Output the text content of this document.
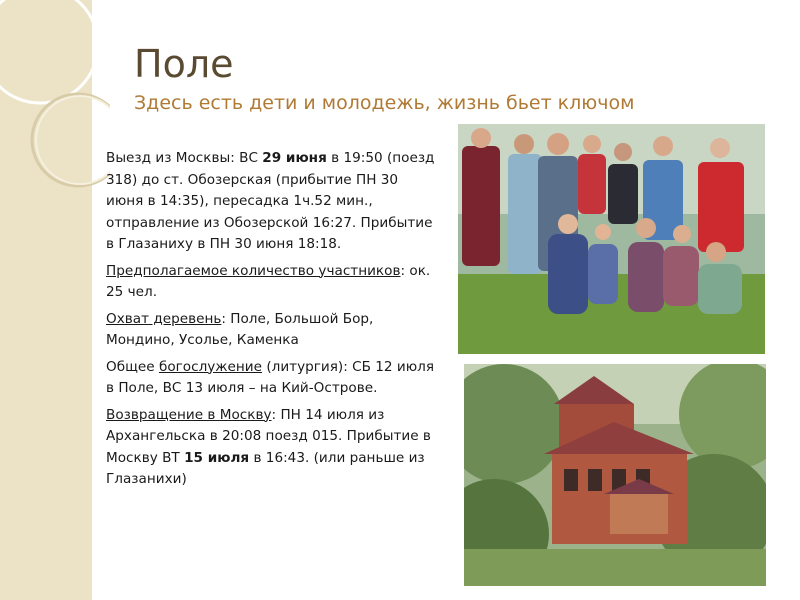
Поле
Здесь есть дети и молодежь, жизнь бьет ключом

Выезд из Москвы: ВС 29 июня в 19:50 (поезд 318) до ст. Обозерская (прибытие ПН 30 июня в 14:35), пересадка 1ч.52 мин., отправление из Обозерской 16:27. Прибытие в Глазаниху в ПН 30 июня 18:18.

Предполагаемое количество участников: ок. 25 чел.

Охват деревень: Поле, Большой Бор, Мондино, Усолье, Каменка

Общее богослужение (литургия): СБ 12 июля в Поле, ВС 13 июля – на Кий-Острове.

Возвращение в Москву: ПН 14 июля из Архангельска в 20:08 поезд 015. Прибытие в Москву ВТ 15 июля в 16:43. (или раньше из Глазанихи)
